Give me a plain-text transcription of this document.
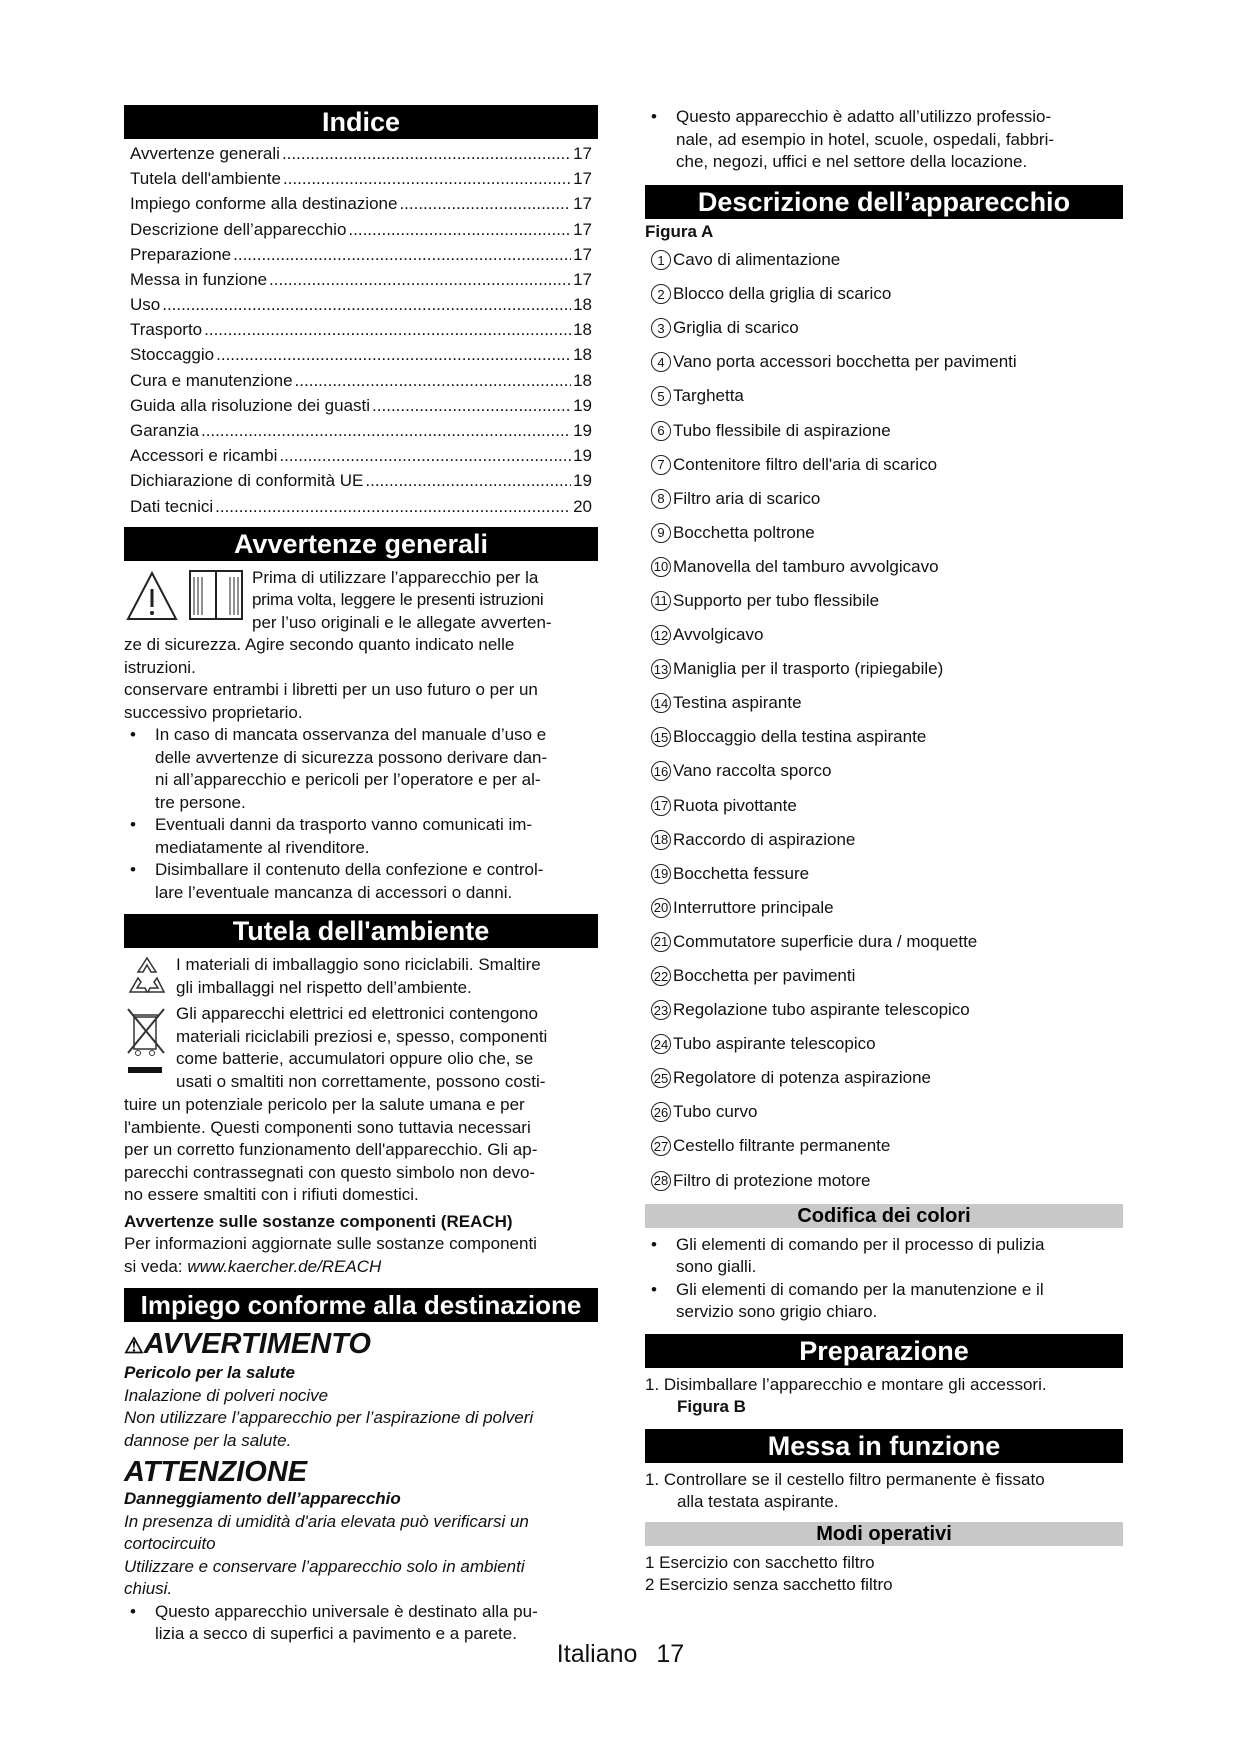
Indice
Avvertenze generali .....	17
Tutela dell'ambiente .....	17
Impiego conforme alla destinazione .....	17
Descrizione dell’apparecchio .....	17
Preparazione .....	17
Messa in funzione .....	17
Uso .....	18
Trasporto .....	18
Stoccaggio .....	18
Cura e manutenzione .....	18
Guida alla risoluzione dei guasti .....	19
Garanzia .....	19
Accessori e ricambi .....	19
Dichiarazione di conformità UE .....	19
Dati tecnici .....	20
Avvertenze generali

Prima di utilizzare l’apparecchio per la

prima volta, leggere le presenti istruzioni

per l’uso originali e le allegate avverten-

ze di sicurezza. Agire secondo quanto indicato nelle

istruzioni.

conservare entrambi i libretti per un uso futuro o per un

successivo proprietario.

• In caso di mancata osservanza del manuale d’uso e

delle avvertenze di sicurezza possono derivare dan-

ni all’apparecchio e pericoli per l’operatore e per al-

tre persone.

• Eventuali danni da trasporto vanno comunicati im-

mediatamente al rivenditore.

• Disimballare il contenuto della confezione e control-

lare l’eventuale mancanza di accessori o danni.

Tutela dell'ambiente

I materiali di imballaggio sono riciclabili. Smaltire

gli imballaggi nel rispetto dell’ambiente.

Gli apparecchi elettrici ed elettronici contengono

materiali riciclabili preziosi e, spesso, componenti

come batterie, accumulatori oppure olio che, se

usati o smaltiti non correttamente, possono costi-

tuire un potenziale pericolo per la salute umana e per

l'ambiente. Questi componenti sono tuttavia necessari

per un corretto funzionamento dell'apparecchio. Gli ap-

parecchi contrassegnati con questo simbolo non devo-

no essere smaltiti con i rifiuti domestici.

Avvertenze sulle sostanze componenti (REACH)

Per informazioni aggiornate sulle sostanze componenti

si veda: www.kaercher.de/REACH

Impiego conforme alla destinazione
⚠AVVERTIMENTO

Pericolo per la salute

Inalazione di polveri nocive

Non utilizzare l’apparecchio per l’aspirazione di polveri

dannose per la salute.

ATTENZIONE

Danneggiamento dell’apparecchio

In presenza di umidità d'aria elevata può verificarsi un

cortocircuito

Utilizzare e conservare l’apparecchio solo in ambienti

chiusi.

• Questo apparecchio universale è destinato alla pu-

lizia a secco di superfici a pavimento e a parete.

• Questo apparecchio è adatto all’utilizzo professio-

nale, ad esempio in hotel, scuole, ospedali, fabbri-

che, negozi, uffici e nel settore della locazione.

Descrizione dell’apparecchio

Figura A

1 Cavo di alimentazione
2 Blocco della griglia di scarico
3 Griglia di scarico
4 Vano porta accessori bocchetta per pavimenti
5 Targhetta
6 Tubo flessibile di aspirazione
7 Contenitore filtro dell'aria di scarico
8 Filtro aria di scarico
9 Bocchetta poltrone
10 Manovella del tamburo avvolgicavo
11 Supporto per tubo flessibile
12 Avvolgicavo
13 Maniglia per il trasporto (ripiegabile)
14 Testina aspirante
15 Bloccaggio della testina aspirante
16 Vano raccolta sporco
17 Ruota pivottante
18 Raccordo di aspirazione
19 Bocchetta fessure
20 Interruttore principale
21 Commutatore superficie dura / moquette
22 Bocchetta per pavimenti
23 Regolazione tubo aspirante telescopico
24 Tubo aspirante telescopico
25 Regolatore di potenza aspirazione
26 Tubo curvo
27 Cestello filtrante permanente
28 Filtro di protezione motore
Codifica dei colori

• Gli elementi di comando per il processo di pulizia

sono gialli.

• Gli elementi di comando per la manutenzione e il

servizio sono grigio chiaro.

Preparazione

1. Disimballare l’apparecchio e montare gli accessori.

Figura B

Messa in funzione

1. Controllare se il cestello filtro permanente è fissato

alla testata aspirante.

Modi operativi

1 Esercizio con sacchetto filtro

2 Esercizio senza sacchetto filtro

Italiano 17
